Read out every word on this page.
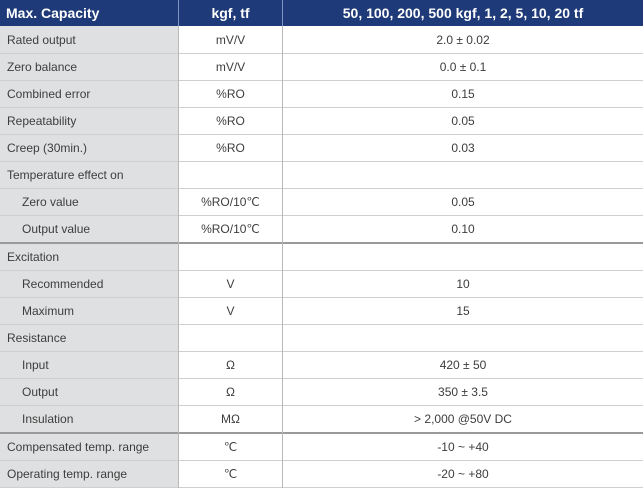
Max. Capacity	kgf, tf	50, 100, 200, 500 kgf, 1, 2, 5, 10, 20 tf
Rated output	mV/V	2.0 ± 0.02
Zero balance	mV/V	0.0 ± 0.1
Combined error	%RO	0.15
Repeatability	%RO	0.05
Creep (30min.)	%RO	0.03
Temperature effect on
Zero value	%RO/10℃	0.05
Output value	%RO/10℃	0.10
Excitation
Recommended	V	10
Maximum	V	15
Resistance
Input	Ω	420 ± 50
Output	Ω	350 ± 3.5
Insulation	MΩ	> 2,000 @50V DC
Compensated temp. range	℃	-10 ~ +40
Operating temp. range	℃	-20 ~ +80
